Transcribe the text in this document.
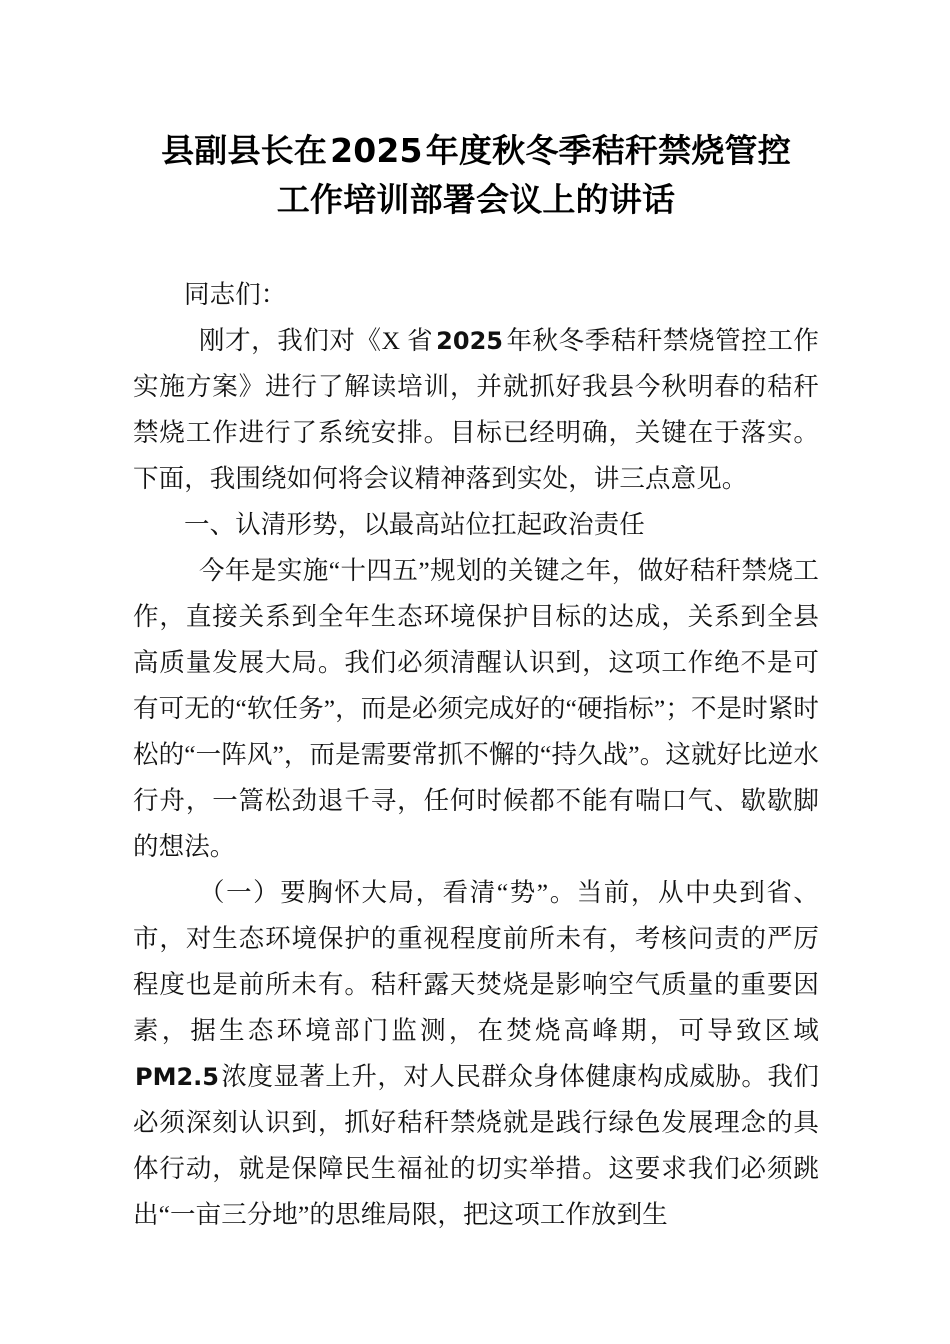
县副县长在2025年度秋冬季秸秆禁烧管控
工作培训部署会议上的讲话

同志们：

刚才，我们对《X 省 2025 年秋冬季秸秆禁烧管控工作实施方案》进行了解读培训，并就抓好我县今秋明春的秸秆禁烧工作进行了系统安排。目标已经明确，关键在于落实。下面，我围绕如何将会议精神落到实处，讲三点意见。

一、认清形势，以最高站位扛起政治责任

今年是实施“十四五”规划的关键之年，做好秸秆禁烧工作，直接关系到全年生态环境保护目标的达成，关系到全县高质量发展大局。我们必须清醒认识到，这项工作绝不是可有可无的“软任务”，而是必须完成好的“硬指标”；不是时紧时松的“一阵风”，而是需要常抓不懈的“持久战”。这就好比逆水行舟，一篙松劲退千寻，任何时候都不能有喘口气、歇歇脚的想法。

（一）要胸怀大局，看清“势”。当前，从中央到省、市，对生态环境保护的重视程度前所未有，考核问责的严厉程度也是前所未有。秸秆露天焚烧是影响空气质量的重要因素，据生态环境部门监测，在焚烧高峰期，可导致区域PM2.5浓度显著上升，对人民群众身体健康构成威胁。我们必须深刻认识到，抓好秸秆禁烧就是践行绿色发展理念的具体行动，就是保障民生福祉的切实举措。这要求我们必须跳出“一亩三分地”的思维局限，把这项工作放到生
